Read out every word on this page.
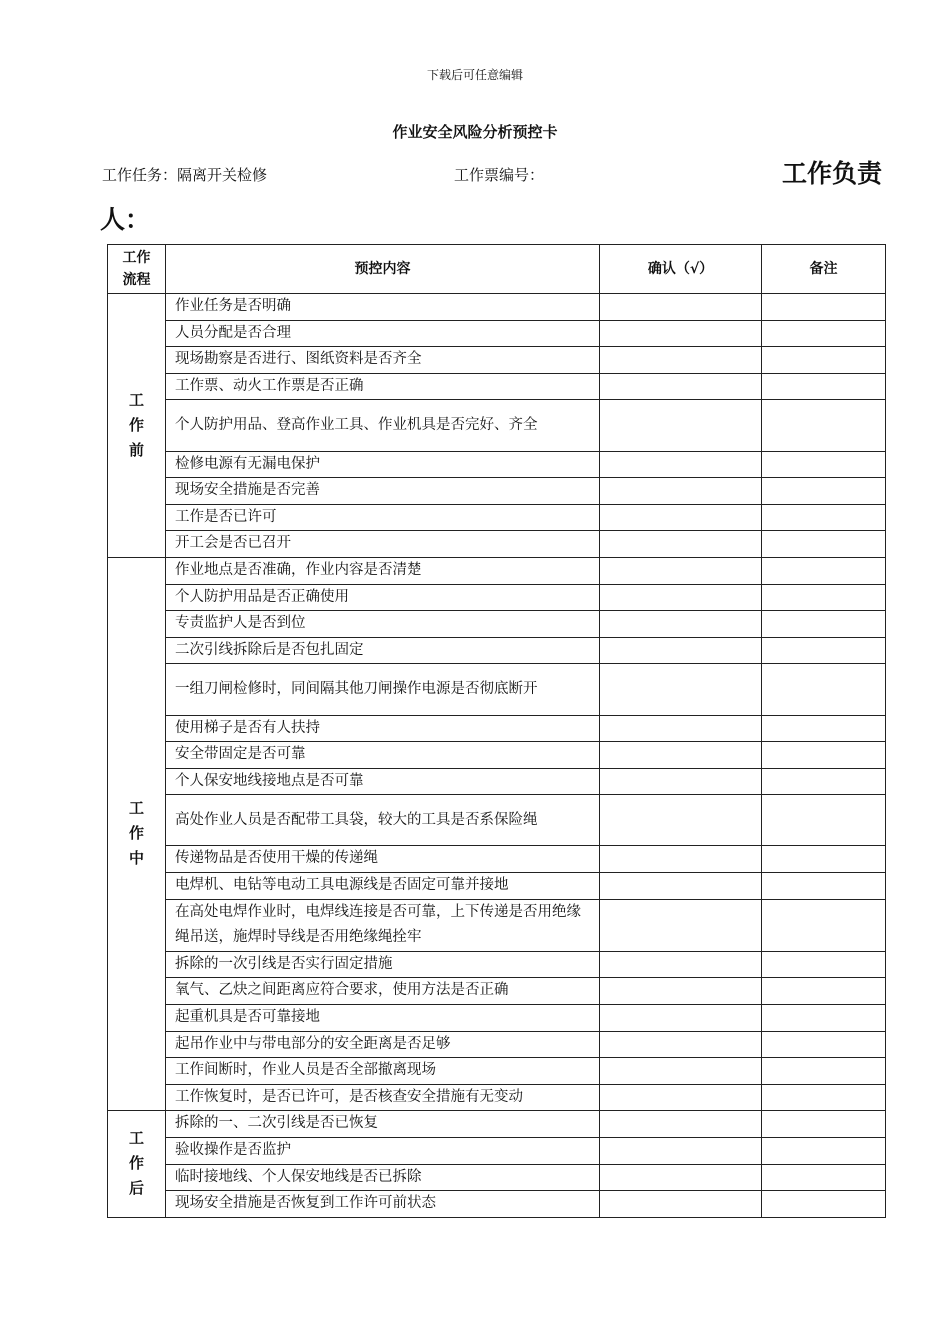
下载后可任意编辑
作业安全风险分析预控卡
工作任务：隔离开关检修	工作票编号：	工作负责
人：
工作流程	预控内容	确认（√）	备注
工作前	作业任务是否明确		
	人员分配是否合理		
	现场勘察是否进行、图纸资料是否齐全		
	工作票、动火工作票是否正确		
	个人防护用品、登高作业工具、作业机具是否完好、齐全		
	检修电源有无漏电保护		
	现场安全措施是否完善		
	工作是否已许可		
	开工会是否已召开		
工作中	作业地点是否准确，作业内容是否清楚		
	个人防护用品是否正确使用		
	专责监护人是否到位		
	二次引线拆除后是否包扎固定		
	一组刀闸检修时，同间隔其他刀闸操作电源是否彻底断开		
	使用梯子是否有人扶持		
	安全带固定是否可靠		
	个人保安地线接地点是否可靠		
	高处作业人员是否配带工具袋，较大的工具是否系保险绳		
	传递物品是否使用干燥的传递绳		
	电焊机、电钻等电动工具电源线是否固定可靠并接地		
	在高处电焊作业时，电焊线连接是否可靠，上下传递是否用绝缘绳吊送，施焊时导线是否用绝缘绳拴牢		
	拆除的一次引线是否实行固定措施		
	氧气、乙炔之间距离应符合要求，使用方法是否正确		
	起重机具是否可靠接地		
	起吊作业中与带电部分的安全距离是否足够		
	工作间断时，作业人员是否全部撤离现场		
	工作恢复时，是否已许可，是否核查安全措施有无变动		
工作后	拆除的一、二次引线是否已恢复		
	验收操作是否监护		
	临时接地线、个人保安地线是否已拆除		
	现场安全措施是否恢复到工作许可前状态		
